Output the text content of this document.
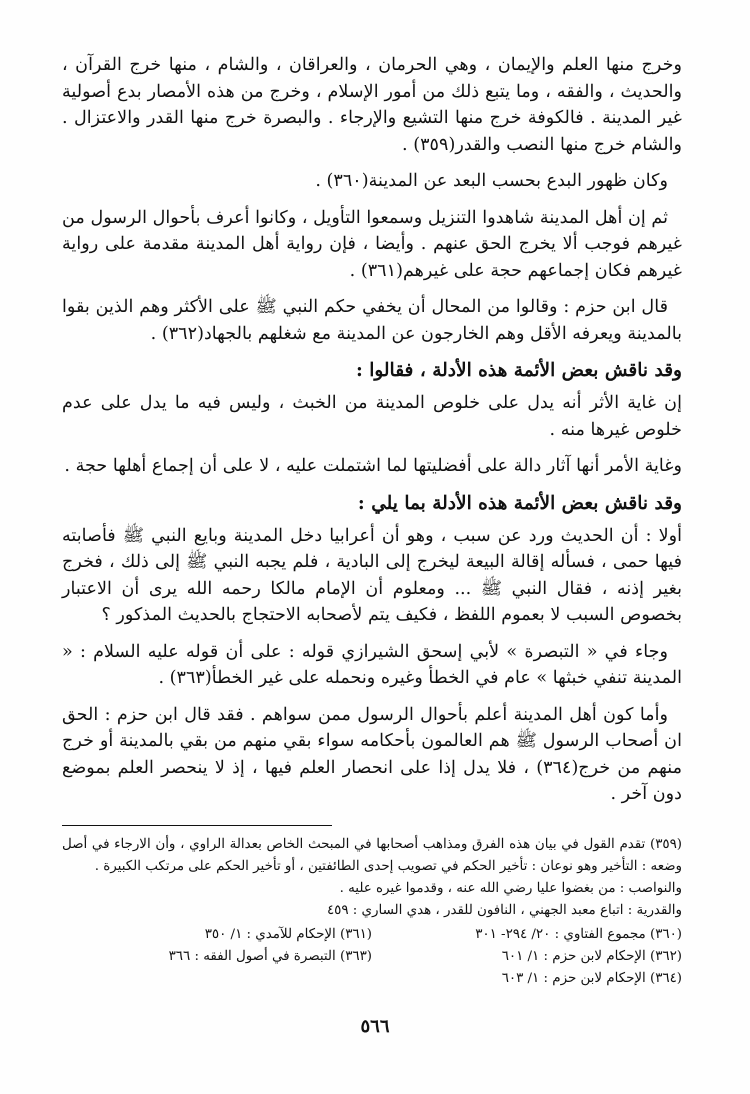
وخرج منها العلم والإيمان ، وهي الحرمان ، والعراقان ، والشام ، منها خرج القرآن ، والحديث ، والفقه ، وما يتبع ذلك من أمور الإسلام ، وخرج من هذه الأمصار بدع أصولية غير المدينة . فالكوفة خرج منها التشيع والإرجاء . والبصرة خرج منها القدر والاعتزال . والشام خرج منها النصب والقدر(٣٥٩) .

وكان ظهور البدع بحسب البعد عن المدينة(٣٦٠) .

ثم إن أهل المدينة شاهدوا التنزيل وسمعوا التأويل ، وكانوا أعرف بأحوال الرسول من غيرهم فوجب ألا يخرج الحق عنهم . وأيضا ، فإن رواية أهل المدينة مقدمة على رواية غيرهم فكان إجماعهم حجة على غيرهم(٣٦١) .

قال ابن حزم : وقالوا من المحال أن يخفي حكم النبي ﷺ على الأكثر وهم الذين بقوا بالمدينة ويعرفه الأقل وهم الخارجون عن المدينة مع شغلهم بالجهاد(٣٦٢) .

وقد ناقش بعض الأئمة هذه الأدلة ، فقالوا :

إن غاية الأثر أنه يدل على خلوص المدينة من الخبث ، وليس فيه ما يدل على عدم خلوص غيرها منه .

وغاية الأمر أنها آثار دالة على أفضليتها لما اشتملت عليه ، لا على أن إجماع أهلها حجة .

وقد ناقش بعض الأئمة هذه الأدلة بما يلي :

أولا : أن الحديث ورد عن سبب ، وهو أن أعرابيا دخل المدينة وبايع النبي ﷺ فأصابته فيها حمى ، فسأله إقالة البيعة ليخرج إلى البادية ، فلم يجبه النبي ﷺ إلى ذلك ، فخرج بغير إذنه ، فقال النبي ﷺ ... ومعلوم أن الإمام مالكا رحمه الله يرى أن الاعتبار بخصوص السبب لا بعموم اللفظ ، فكيف يتم لأصحابه الاحتجاج بالحديث المذكور ؟

وجاء في « التبصرة » لأبي إسحق الشيرازي قوله : على أن قوله عليه السلام : « المدينة تنفي خبثها » عام في الخطأ وغيره ونحمله على غير الخطأ(٣٦٣) .

وأما كون أهل المدينة أعلم بأحوال الرسول ممن سواهم . فقد قال ابن حزم : الحق ان أصحاب الرسول ﷺ هم العالمون بأحكامه سواء بقي منهم من بقي بالمدينة أو خرج منهم من خرج(٣٦٤) ، فلا يدل إذا على انحصار العلم فيها ، إذ لا ينحصر العلم بموضع دون آخر .

(٣٥٩) تقدم القول في بيان هذه الفرق ومذاهب أصحابها في المبحث الخاص بعدالة الراوي ، وأن الارجاء في أصل وضعه : التأخير وهو نوعان : تأخير الحكم في تصويب إحدى الطائفتين ، أو تأخير الحكم على مرتكب الكبيرة .

والنواصب : من بغضوا عليا رضي الله عنه ، وقدموا غيره عليه .

والقدرية : اتباع معبد الجهني ، النافون للقدر ، هدي الساري : ٤٥٩

(٣٦٠) مجموع الفتاوي : ٢٠/ ٢٩٤- ٣٠١
(٣٦١) الإحكام للآمدي : ١/ ٣٥٠
(٣٦٢) الإحكام لابن حزم : ١/ ٦٠١
(٣٦٣) التبصرة في أصول الفقه : ٣٦٦
(٣٦٤) الإحكام لابن حزم : ١/ ٦٠٣
٥٦٦
